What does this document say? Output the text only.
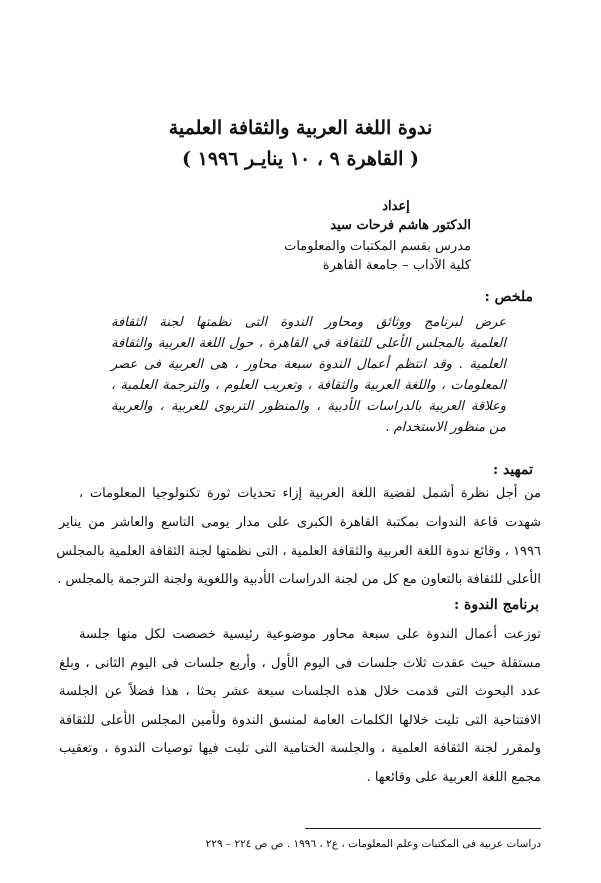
ندوة اللغة العربية والثقافة العلمية
( القاهرة ٩ ، ١٠ ينايـر ١٩٩٦ )
إعداد
الدكتور هاشم فرحات سيد
مدرس بقسم المكتبات والمعلومات
كلية الآداب – جامعة القاهرة
ملخص :
عرض لبرنامج ووثائق ومحاور الندوة التى نظمتها لجنة الثقافة
العلمية بالمجلس الأعلى للثقافة في القاهرة ، حول اللغة العربية والثقافة
العلمية . وقد انتظم أعمال الندوة سبعة محاور ، هى العربية فى عصر
المعلومات ، واللغة العربية والثقافة ، وتعريب العلوم ، والترجمة العلمية ،
وعلاقة العربية بالدراسات الأدبية ، والمنظور التربوى للعربية ، والعربية
من منظور الاستخدام .
تمهيد :
من أجل نظرة أشمل لقضية اللغة العربية إزاء تحديات ثورة تكنولوجيا المعلومات ،
شهدت قاعة الندوات بمكتبة القاهرة الكبرى على مدار يومى التاسع والعاشر من يناير
١٩٩٦ ، وقائع ندوة اللغة العربية والثقافة العلمية ، التى نظمتها لجنة الثقافة العلمية بالمجلس
الأعلى للثقافة بالتعاون مع كل من لجنة الدراسات الأدبية واللغوية ولجنة الترجمة بالمجلس .
برنامج الندوة :
توزعت أعمال الندوة على سبعة محاور موضوعية رئيسية خصصت لكل منها جلسة
مستقلة حيث عقدت ثلاث جلسات فى اليوم الأول ، وأربع جلسات فى اليوم الثانى ، وبلغ
عدد البحوث التى قدمت خلال هذه الجلسات سبعة عشر بحثا ، هذا فضلاً عن الجلسة
الافتتاحية التى تليت خلالها الكلمات العامة لمنسق الندوة ولأمين المجلس الأعلى للثقافة
ولمقرر لجنة الثقافة العلمية ، والجلسة الختامية التى تليت فيها توصيات الندوة ، وتعقيب
مجمع اللغة العربية على وقائعها .
دراسات عربية فى المكتبات وعلم المعلومات ، ع٢ ، ١٩٩٦ . ص ص ٢٢٤ – ٢٢٩
